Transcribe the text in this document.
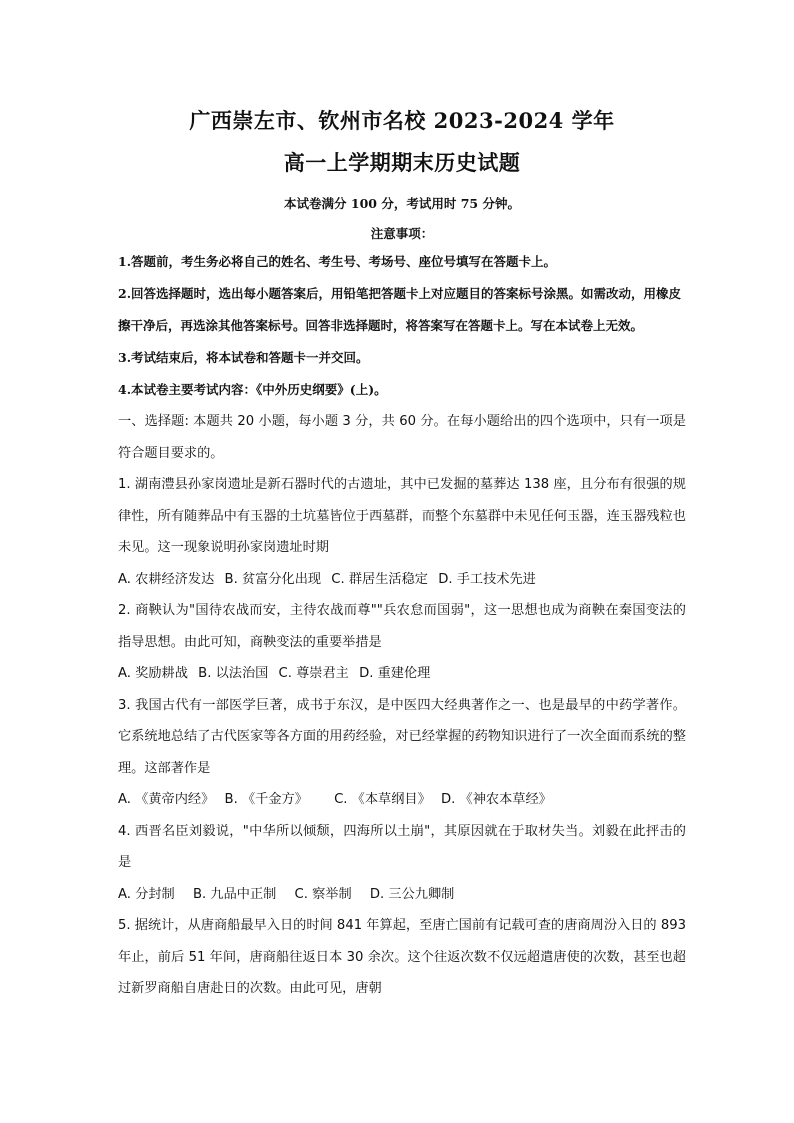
广西崇左市、钦州市名校 2023-2024 学年
高一上学期期末历史试题
本试卷满分 100 分，考试用时 75 分钟。
注意事项：

1.答题前，考生务必将自己的姓名、考生号、考场号、座位号填写在答题卡上。

2.回答选择题时，选出每小题答案后，用铅笔把答题卡上对应题目的答案标号涂黑。如需改动，用橡皮擦干净后，再选涂其他答案标号。回答非选择题时，将答案写在答题卡上。写在本试卷上无效。

3.考试结束后，将本试卷和答题卡一并交回。

4.本试卷主要考试内容：《中外历史纲要》(上)。

一、选择题: 本题共 20 小题，每小题 3 分，共 60 分。在每小题给出的四个选项中，只有一项是符合题目要求的。

1. 湖南澧县孙家岗遗址是新石器时代的古遗址，其中已发掘的墓葬达 138 座，且分布有很强的规律性，所有随葬品中有玉器的土坑墓皆位于西墓群，而整个东墓群中未见任何玉器，连玉器残粒也未见。这一现象说明孙家岗遗址时期

A. 农耕经济发达 B. 贫富分化出现 C. 群居生活稳定 D. 手工技术先进

2. 商鞅认为"国待农战而安，主待农战而尊""兵农怠而国弱"，这一思想也成为商鞅在秦国变法的指导思想。由此可知，商鞅变法的重要举措是

A. 奖励耕战 B. 以法治国 C. 尊崇君主 D. 重建伦理

3. 我国古代有一部医学巨著，成书于东汉，是中医四大经典著作之一、也是最早的中药学著作。它系统地总结了古代医家等各方面的用药经验，对已经掌握的药物知识进行了一次全面而系统的整理。这部著作是

A. 《黄帝内经》 B. 《千金方》 C. 《本草纲目》 D. 《神农本草经》

4. 西晋名臣刘毅说，"中华所以倾颓，四海所以土崩"，其原因就在于取材失当。刘毅在此抨击的是

A. 分封制 B. 九品中正制 C. 察举制 D. 三公九卿制

5. 据统计，从唐商船最早入日的时间 841 年算起，至唐亡国前有记载可查的唐商周汾入日的 893 年止，前后 51 年间，唐商船往返日本 30 余次。这个往返次数不仅远超遣唐使的次数，甚至也超过新罗商船自唐赴日的次数。由此可见，唐朝
